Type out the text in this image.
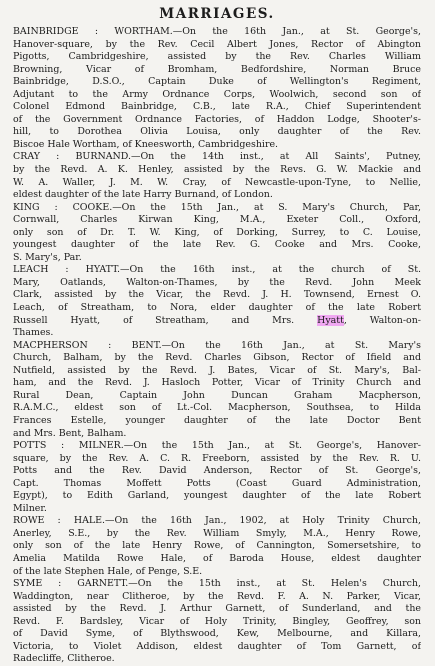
MARRIAGES.
BAINBRIDGE : WORTHAM.—On the 16th Jan., at St. George's,
Hanover-square, by the Rev. Cecil Albert Jones, Rector of Abington
Pigotts, Cambridgeshire, assisted by the Rev. Charles William
Browning, Vicar of Bromham, Bedfordshire, Norman Bruce
Bainbridge, D.S.O., Captain Duke of Wellington's Regiment,
Adjutant to the Army Ordnance Corps, Woolwich, second son of
Colonel Edmond Bainbridge, C.B., late R.A., Chief Superintendent
of the Government Ordnance Factories, of Haddon Lodge, Shooter's-
hill, to Dorothea Olivia Louisa, only daughter of the Rev.
Biscoe Hale Wortham, of Kneesworth, Cambridgeshire.
CRAY : BURNAND.—On the 14th inst., at All Saints', Putney,
by the Revd. A. K. Henley, assisted by the Revs. G. W. Mackie and
W. A. Waller, J. M. W. Cray, of Newcastle-upon-Tyne, to Nellie,
eldest daughter of the late Harry Burnand, of London.
KING : COOKE.—On the 15th Jan., at S. Mary's Church, Par,
Cornwall, Charles Kirwan King, M.A., Exeter Coll., Oxford,
only son of Dr. T. W. King, of Dorking, Surrey, to C. Louise,
youngest daughter of the late Rev. G. Cooke and Mrs. Cooke,
S. Mary's, Par.
LEACH : HYATT.—On the 16th inst., at the church of St.
Mary, Oatlands, Walton-on-Thames, by the Revd. John Meek
Clark, assisted by the Vicar, the Revd. J. H. Townsend, Ernest O.
Leach, of Streatham, to Nora, elder daughter of the late Robert
Russell Hyatt, of Streatham, and Mrs. Hyatt, Walton-on-
Thames.
MACPHERSON : BENT.—On the 16th Jan., at St. Mary's
Church, Balham, by the Revd. Charles Gibson, Rector of Ifield and
Nutfield, assisted by the Revd. J. Bates, Vicar of St. Mary's, Bal-
ham, and the Revd. J. Hasloch Potter, Vicar of Trinity Church and
Rural Dean, Captain John Duncan Graham Macpherson,
R.A.M.C., eldest son of Lt.-Col. Macpherson, Southsea, to Hilda
Frances Estelle, younger daughter of the late Doctor Bent
and Mrs. Bent, Balham.
POTTS : MILNER.—On the 15th Jan., at St. George's, Hanover-
square, by the Rev. A. C. R. Freeborn, assisted by the Rev. R. U.
Potts and the Rev. David Anderson, Rector of St. George's,
Capt. Thomas Moffett Potts (Coast Guard Administration,
Egypt), to Edith Garland, youngest daughter of the late Robert
Milner.
ROWE : HALE.—On the 16th Jan., 1902, at Holy Trinity Church,
Anerley, S.E., by the Rev. William Smyly, M.A., Henry Rowe,
only son of the late Henry Rowe, of Cannington, Somersetshire, to
Amelia Matilda Rowe Hale, of Baroda House, eldest daughter
of the late Stephen Hale, of Penge, S.E.
SYME : GARNETT.—On the 15th inst., at St. Helen's Church,
Waddington, near Clitheroe, by the Revd. F. A. N. Parker, Vicar,
assisted by the Revd. J. Arthur Garnett, of Sunderland, and the
Revd. F. Bardsley, Vicar of Holy Trinity, Bingley, Geoffrey, son
of David Syme, of Blythswood, Kew, Melbourne, and Killara,
Victoria, to Violet Addison, eldest daughter of Tom Garnett, of
Radecliffe, Clitheroe.
